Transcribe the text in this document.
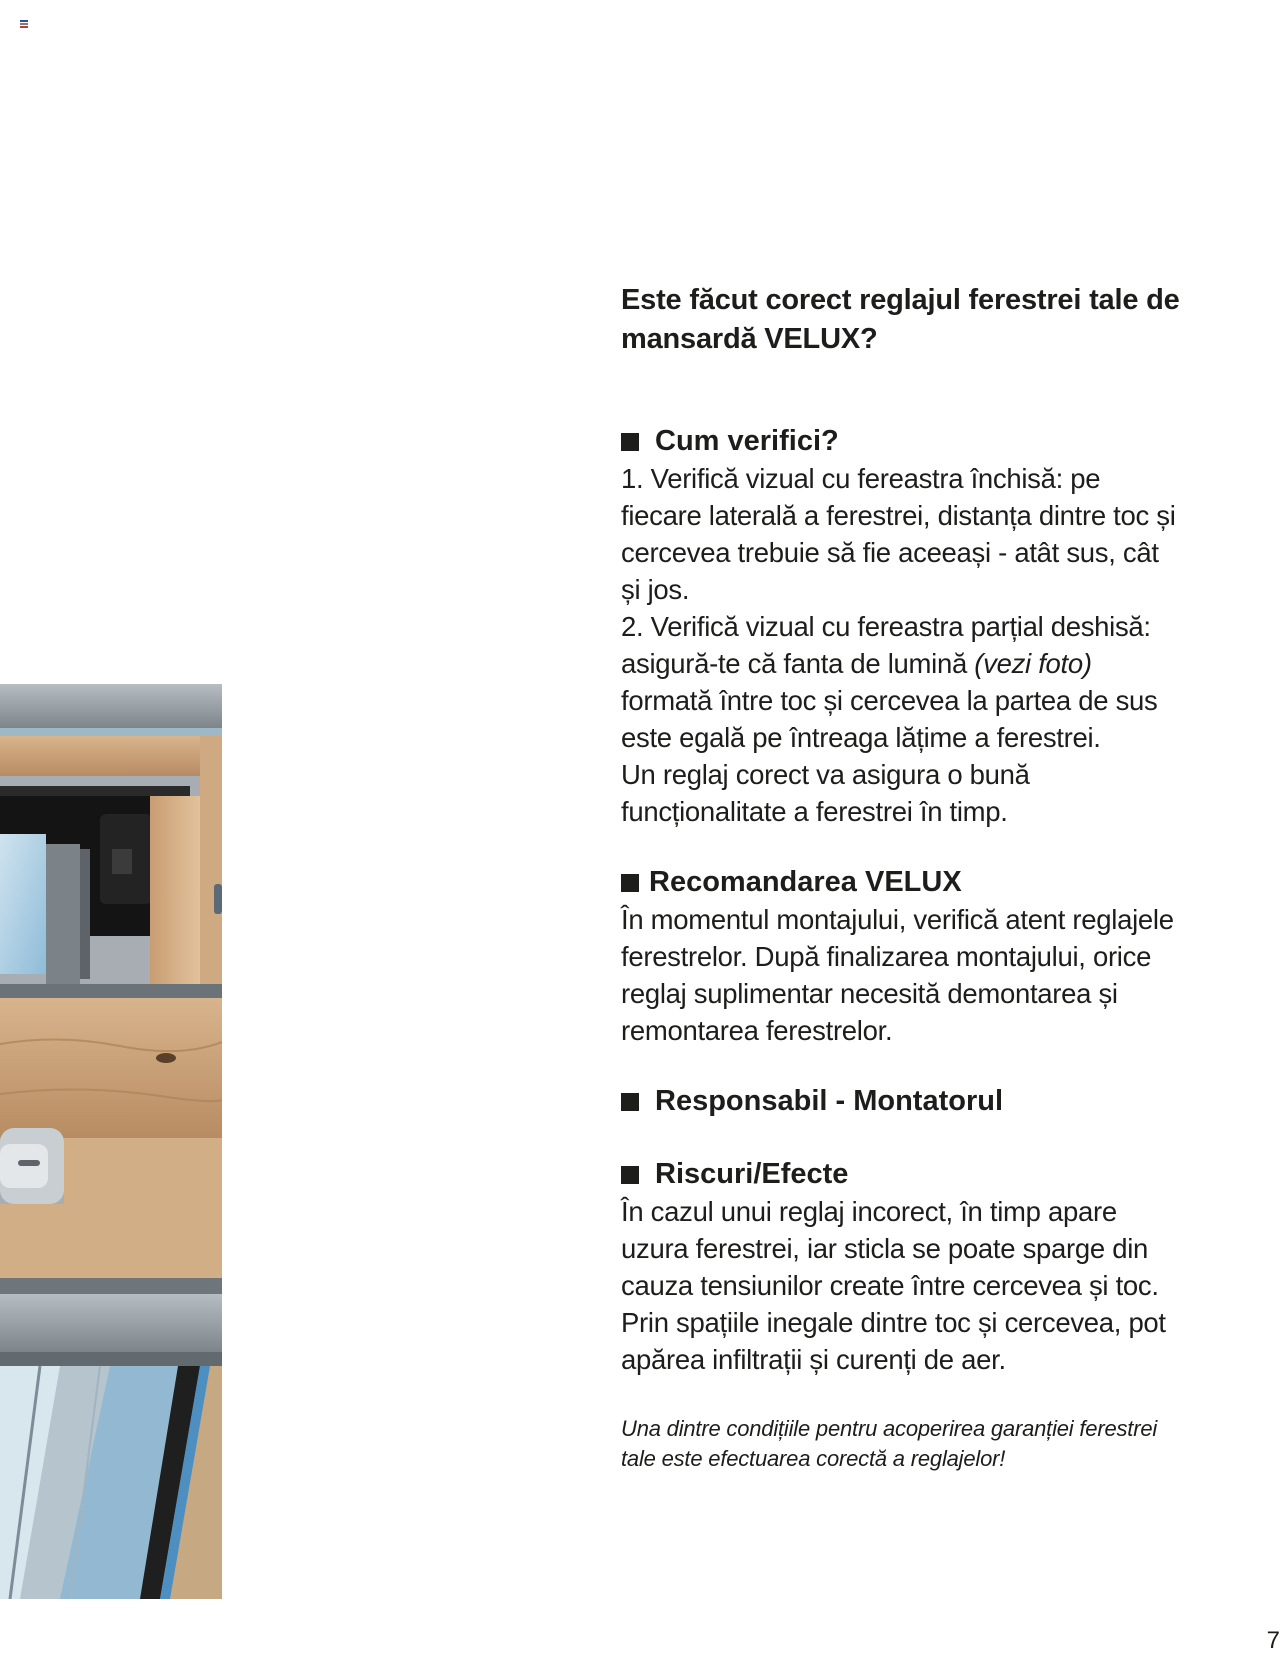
Este făcut corect reglajul ferestrei tale de mansardă VELUX?
Cum verifici?

1. Verifică vizual cu fereastra închisă: pe fiecare laterală a ferestrei, distanța dintre toc și cercevea trebuie să fie aceeași - atât sus, cât și jos.

2. Verifică vizual cu fereastra parțial deshisă: asigură-te că fanta de lumină (vezi foto) formată între toc și cercevea la partea de sus este egală pe întreaga lățime a ferestrei.

Un reglaj corect va asigura o bună funcționalitate a ferestrei în timp.

Recomandarea VELUX

În momentul montajului, verifică atent reglajele ferestrelor. După finalizarea montajului, orice reglaj suplimentar necesită demontarea și remontarea ferestrelor.

Responsabil - Montatorul
Riscuri/Efecte

În cazul unui reglaj incorect, în timp apare uzura ferestrei, iar sticla se poate sparge din cauza tensiunilor create între cercevea și toc. Prin spațiile inegale dintre toc și cercevea, pot apărea infiltrații și curenți de aer.

Una dintre condițiile pentru acoperirea garanției ferestrei tale este efectuarea corectă a reglajelor!

7
